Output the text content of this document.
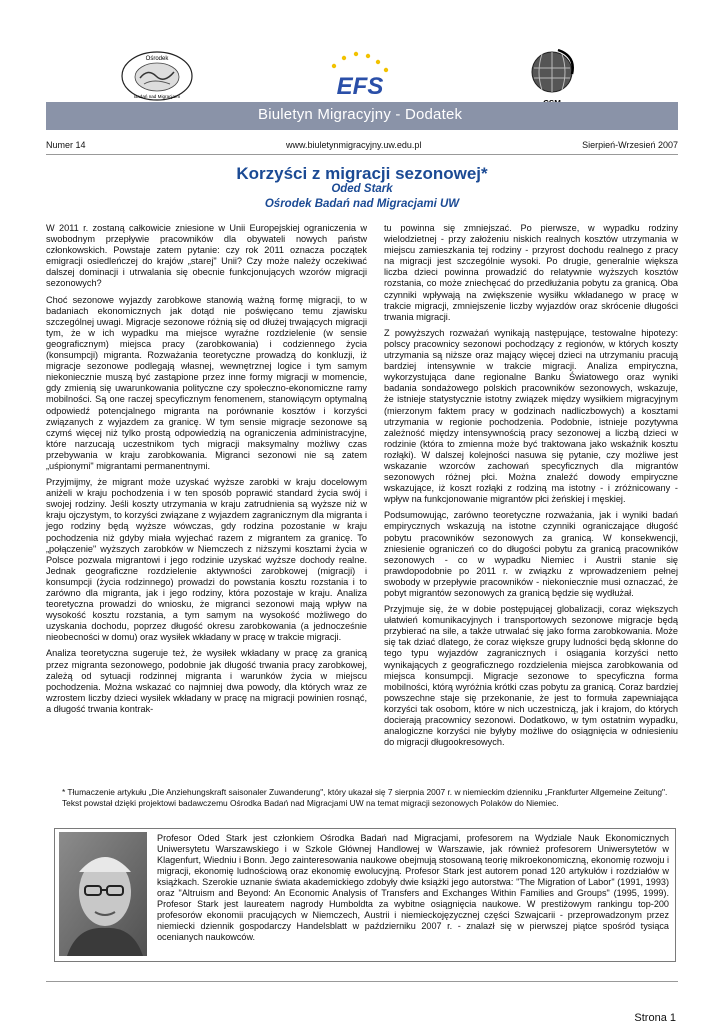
Ośrodek
Badań nad Migracjami	EFS
Biuletyn Migracyjny - Dodatek
Numer 14	www.biuletynmigracyjny.uw.edu.pl	Sierpień-Wrzesień 2007
Korzyści z migracji sezonowej*
Oded Stark
Ośrodek Badań nad Migracjami UW

W 2011 r. zostaną całkowicie zniesione w Unii Europejskiej ograniczenia w swobodnym przepływie pracowników dla obywateli nowych państw członkowskich. Powstaje zatem pytanie: czy rok 2011 oznacza początek emigracji osiedleńczej do krajów „starej" Unii? Czy może należy oczekiwać dalszej dominacji i utrwalania się obecnie funkcjonujących wzorów migracji sezonowych?

Choć sezonowe wyjazdy zarobkowe stanowią ważną formę migracji, to w badaniach ekonomicznych jak dotąd nie poświęcano temu zjawisku szczególnej uwagi. Migracje sezonowe różnią się od dłużej trwających migracji tym, że w ich wypadku ma miejsce wyraźne rozdzielenie (w sensie geograficznym) miejsca pracy (zarobkowania) i codziennego życia (konsumpcji) migranta. Rozważania teoretyczne prowadzą do konkluzji, iż migracje sezonowe podlegają własnej, wewnętrznej logice i tym samym niekoniecznie muszą być zastąpione przez inne formy migracji w momencie, gdy zmienią się uwarunkowania polityczne czy społeczno-ekonomiczne ramy mobilności. Są one raczej specyficznym fenomenem, stanowiącym optymalną odpowiedź potencjalnego migranta na porównanie kosztów i korzyści związanych z wyjazdem za granicę. W tym sensie migracje sezonowe są czymś więcej niż tylko prostą odpowiedzią na ograniczenia administracyjne, które narzucają uczestnikom tych migracji maksymalny możliwy czas przebywania w kraju zarobkowania. Migranci sezonowi nie są zatem „uśpionymi" migrantami permanentnymi.

Przyjmijmy, że migrant może uzyskać wyższe zarobki w kraju docelowym aniżeli w kraju pochodzenia i w ten sposób poprawić standard życia swój i swojej rodziny. Jeśli koszty utrzymania w kraju zatrudnienia są wyższe niż w kraju ojczystym, to korzyści związane z wyjazdem zagranicznym dla migranta i jego rodziny będą wyższe wówczas, gdy rodzina pozostanie w kraju pochodzenia niż gdyby miała wyjechać razem z migrantem za granicę. To „połączenie" wyższych zarobków w Niemczech z niższymi kosztami życia w Polsce pozwala migrantowi i jego rodzinie uzyskać wyższe dochody realne. Jednak geograficzne rozdzielenie aktywności zarobkowej (migracji) i konsumpcji (życia rodzinnego) prowadzi do powstania kosztu rozstania i to zarówno dla migranta, jak i jego rodziny, która pozostaje w kraju. Analiza teoretyczna prowadzi do wniosku, że migranci sezonowi mają wpływ na wysokość kosztu rozstania, a tym samym na wysokość możliwego do uzyskania dochodu, poprzez długość okresu zarobkowania (a jednocześnie nieobecności w domu) oraz wysiłek wkładany w pracę w trakcie migracji.

Analiza teoretyczna sugeruje też, że wysiłek wkładany w pracę za granicą przez migranta sezonowego, podobnie jak długość trwania pracy zarobkowej, zależą od sytuacji rodzinnej migranta i warunków życia w miejscu pochodzenia. Można wskazać co najmniej dwa powody, dla których wraz ze wzrostem liczby dzieci wysiłek wkładany w pracę na migracji powinien rosnąć, a długość trwania kontrak-

tu powinna się zmniejszać. Po pierwsze, w wypadku rodziny wielodzietnej - przy założeniu niskich realnych kosztów utrzymania w miejscu zamieszkania tej rodziny - przyrost dochodu realnego z pracy na migracji jest szczególnie wysoki. Po drugie, generalnie większa liczba dzieci powinna prowadzić do relatywnie wyższych kosztów rozstania, co może zniechęcać do przedłużania pobytu za granicą. Oba czynniki wpływają na zwiększenie wysiłku wkładanego w pracę w trakcie migracji, zmniejszenie liczby wyjazdów oraz skrócenie długości trwania migracji.

Z powyższych rozważań wynikają następujące, testowalne hipotezy: polscy pracownicy sezonowi pochodzący z regionów, w których koszty utrzymania są niższe oraz mający więcej dzieci na utrzymaniu pracują bardziej intensywnie w trakcie migracji. Analiza empiryczna, wykorzystująca dane regionalne Banku Światowego oraz wyniki badania sondażowego polskich pracowników sezonowych, wskazuje, że istnieje statystycznie istotny związek między wysiłkiem migracyjnym (mierzonym faktem pracy w godzinach nadliczbowych) a kosztami utrzymania w regionie pochodzenia. Podobnie, istnieje pozytywna zależność między intensywnością pracy sezonowej a liczbą dzieci w rodzinie (która to zmienna może być traktowana jako wskaźnik kosztu rozłąki). W dalszej kolejności nasuwa się pytanie, czy możliwe jest wskazanie wzorców zachowań specyficznych dla migrantów sezonowych różnej płci. Można znaleźć dowody empiryczne wskazujące, iż koszt rozłąki z rodziną ma istotny - i zróżnicowany - wpływ na funkcjonowanie migrantów płci żeńskiej i męskiej.

Podsumowując, zarówno teoretyczne rozważania, jak i wyniki badań empirycznych wskazują na istotne czynniki ograniczające długość pobytu pracowników sezonowych za granicą. W konsekwencji, zniesienie ograniczeń co do długości pobytu za granicą pracowników sezonowych - co w wypadku Niemiec i Austrii stanie się prawdopodobnie po 2011 r. w związku z wprowadzeniem pełnej swobody w przepływie pracowników - niekoniecznie musi oznaczać, że pobyt migrantów sezonowych za granicą będzie się wydłużał.

Przyjmuje się, że w dobie postępującej globalizacji, coraz większych ułatwień komunikacyjnych i transportowych sezonowe migracje będą przybierać na sile, a także utrwalać się jako forma zarobkowania. Może się tak dziać dlatego, że coraz większe grupy ludności będą skłonne do tego typu wyjazdów zagranicznych i osiągania korzyści netto wynikających z geograficznego rozdzielenia miejsca zarobkowania od miejsca konsumpcji. Migracje sezonowe to specyficzna forma mobilności, którą wyróżnia krótki czas pobytu za granicą. Coraz bardziej powszechne staje się przekonanie, że jest to formuła zapewniająca korzyści tak osobom, które w nich uczestniczą, jak i krajom, do których docierają pracownicy sezonowi. Dodatkowo, w tym ostatnim wypadku, analogiczne korzyści nie byłyby możliwe do osiągnięcia w odniesieniu do migracji długookresowych.

* Tłumaczenie artykułu „Die Anziehungskraft saisonaler Zuwanderung", który ukazał się 7 sierpnia 2007 r. w niemieckim dzienniku „Frankfurter Allgemeine Zeitung".
Tekst powstał dzięki projektowi badawczemu Ośrodka Badań nad Migracjami UW na temat migracji sezonowych Polaków do Niemiec.
Profesor Oded Stark jest członkiem Ośrodka Badań nad Migracjami, profesorem na Wydziale Nauk Ekonomicznych Uniwersytetu Warszawskiego i w Szkole Głównej Handlowej w Warszawie, jak również profesorem Uniwersytetów w Klagenfurt, Wiedniu i Bonn. Jego zainteresowania naukowe obejmują stosowaną teorię mikroekonomiczną, ekonomię rozwoju i migracji, ekonomię ludnościową oraz ekonomię ewolucyjną. Profesor Stark jest autorem ponad 120 artykułów i rozdziałów w książkach. Szerokie uznanie świata akademickiego zdobyły dwie książki jego autorstwa: "The Migration of Labor" (1991, 1993) oraz "Altruism and Beyond: An Economic Analysis of Transfers and Exchanges Within Families and Groups" (1995, 1999). Profesor Stark jest laureatem nagrody Humboldta za wybitne osiągnięcia naukowe. W prestiżowym rankingu top-200 profesorów ekonomii pracujących w Niemczech, Austrii i niemieckojęzycznej części Szwajcarii - przeprowadzonym przez niemiecki dziennik gospodarczy Handelsblatt w październiku 2007 r. - znalazł się w pierwszej piątce spośród tysiąca ocenianych naukowców.
Strona 1
